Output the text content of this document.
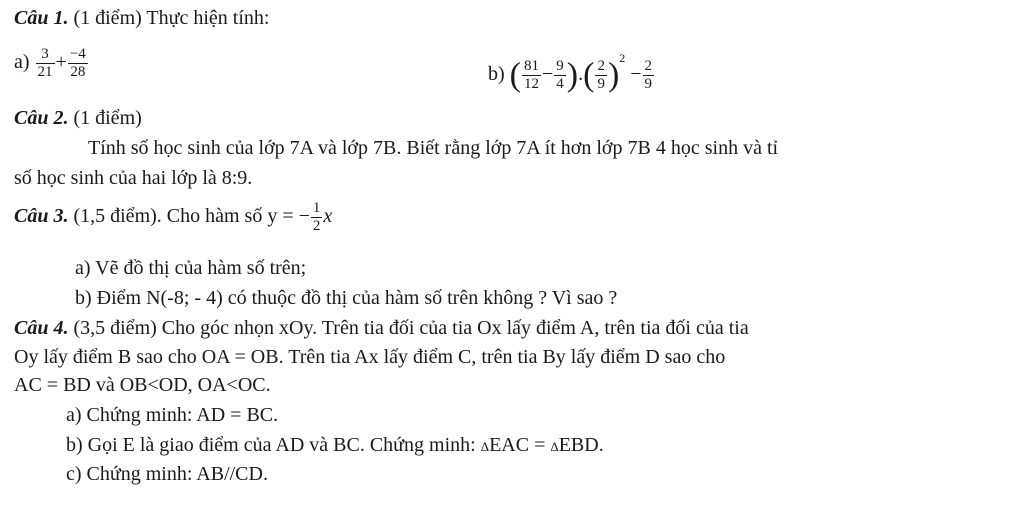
Câu 1. (1 điểm) Thực hiện tính:
$a) \frac{3}{21} + \frac{-4}{28}$	b) ( $\frac{81}{12} - \frac{9}{4}$ ).( $\frac{2}{9} )^2 - \frac{2}{9}$
Câu 2. (1 điểm)
Tính số học sinh của lớp 7A và lớp 7B. Biết rằng lớp 7A ít hơn lớp 7B 4 học sinh và tỉ
số học sinh của hai lớp là 8:9.
Câu 3. (1,5 điểm). Cho hàm số y = − $\frac{1}{2}$ x
a) Vẽ đồ thị của hàm số trên;
b) Điểm N(-8; - 4) có thuộc đồ thị của hàm số trên không ? Vì sao ?
Câu 4. (3,5 điểm) Cho góc nhọn xOy. Trên tia đối của tia Ox lấy điểm A, trên tia đối của tia
Oy lấy điểm B sao cho OA = OB. Trên tia Ax lấy điểm C, trên tia By lấy điểm D sao cho
AC = BD và OB<OD, OA<OC.
a) Chứng minh: AD = BC.
b) Gọi E là giao điểm của AD và BC. Chứng minh: ΔEAC = ΔEBD.
c) Chứng minh: AB//CD.
